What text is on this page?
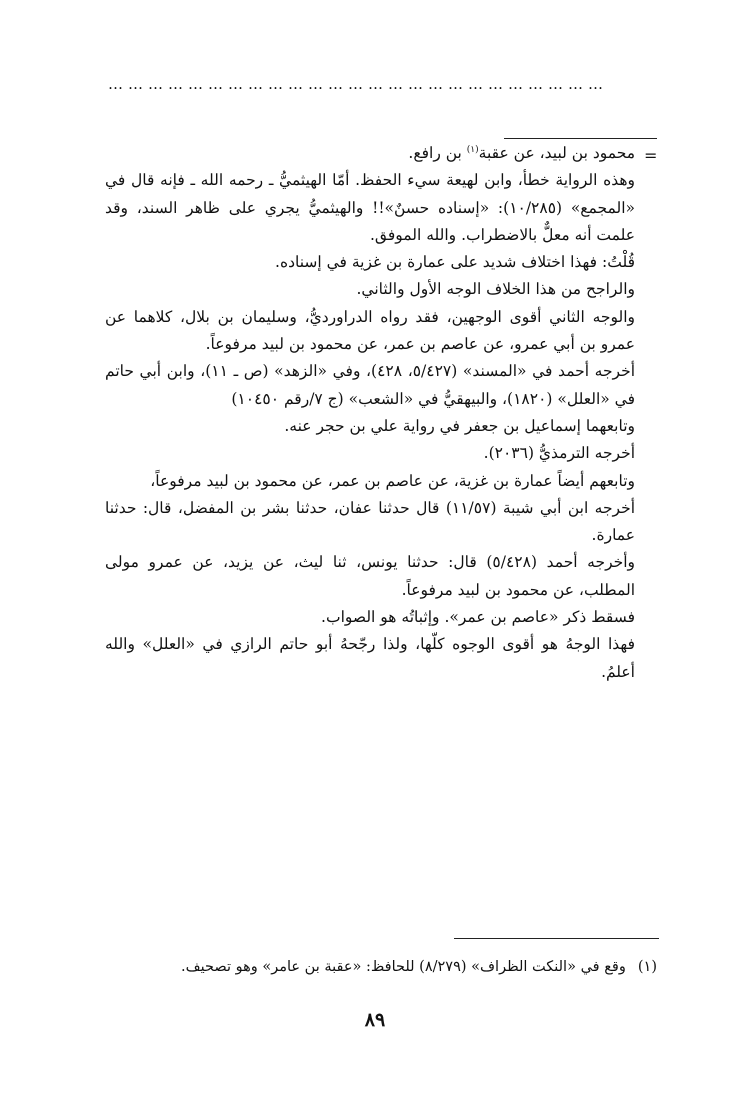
…………………………………………………………………
=

محمود بن لبيد، عن عقبة$^{(١)}$ بن رافع.

وهذه الرواية خطأ، وابن لهيعة سيء الحفظ. أمّا الهيثميُّ ـ رحمه الله ـ فإنه قال في «المجمع» (١٠/٢٨٥): «إسناده حسنٌ»!! والهيثميُّ يجري على ظاهر السند، وقد علمت أنه معلٌّ بالاضطراب. والله الموفق.

قُلْتُ: فهذا اختلاف شديد على عمارة بن غزية في إسناده.

والراجح من هذا الخلاف الوجه الأول والثاني.

والوجه الثاني أقوى الوجهين، فقد رواه الدراورديُّ، وسليمان بن بلال، كلاهما عن عمرو بن أبي عمرو، عن عاصم بن عمر، عن محمود بن لبيد مرفوعاً.

أخرجه أحمد في «المسند» (٥/٤٢٧، ٤٢٨)، وفي «الزهد» (ص ـ ١١)، وابن أبي حاتم في «العلل» (١٨٢٠)، والبيهقيُّ في «الشعب» (ج ٧/رقم ١٠٤٥٠)

وتابعهما إسماعيل بن جعفر في رواية علي بن حجر عنه.

أخرجه الترمذيُّ (٢٠٣٦).

وتابعهم أيضاً عمارة بن غزية، عن عاصم بن عمر، عن محمود بن لبيد مرفوعاً،

أخرجه ابن أبي شيبة (١١/٥٧) قال حدثنا عفان، حدثنا بشر بن المفضل، قال: حدثنا عمارة.

وأخرجه أحمد (٥/٤٢٨) قال: حدثنا يونس، ثنا ليث، عن يزيد، عن عمرو مولى المطلب، عن محمود بن لبيد مرفوعاً.

فسقط ذكر «عاصم بن عمر». وإثباتُه هو الصواب.

فهذا الوجهُ هو أقوى الوجوه كلّها، ولذا رجّحهُ أبو حاتم الرازي في «العلل» والله أعلمُ.

(١)وقع في «النكت الظراف» (٨/٢٧٩) للحافظ: «عقبة بن عامر» وهو تصحيف.
٨٩
